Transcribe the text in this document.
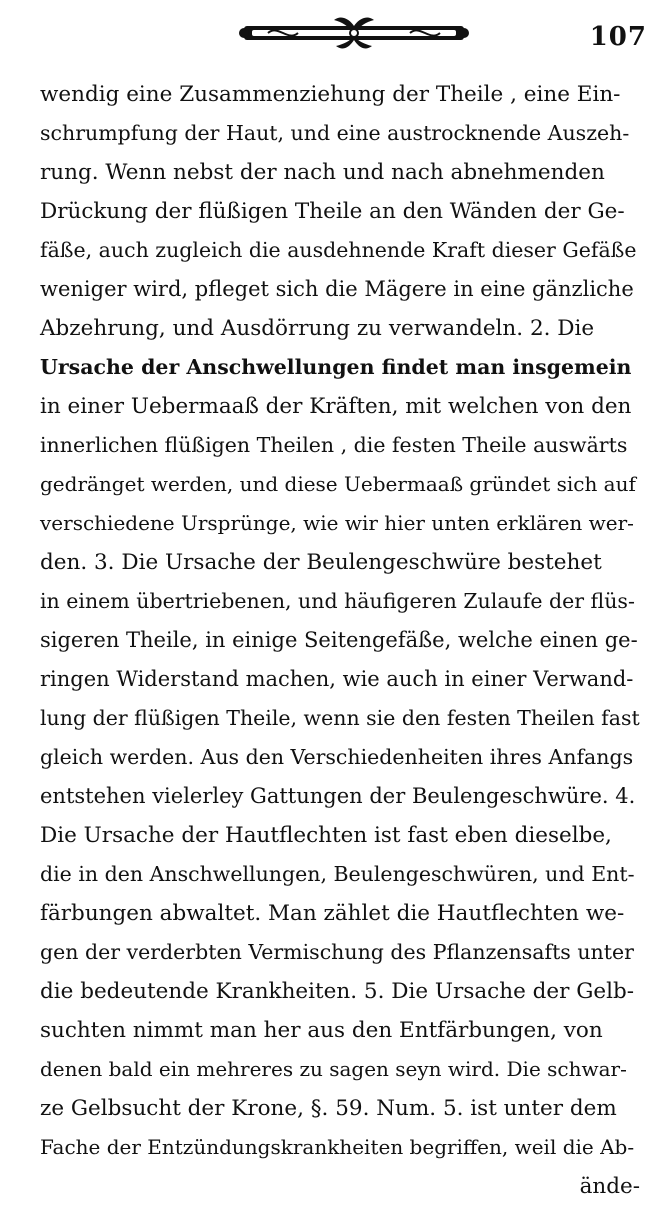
107
wendig eine Zusammenziehung der Theile , eine Ein-
schrumpfung der Haut, und eine austrocknende Auszeh-
rung. Wenn nebst der nach und nach abnehmenden
Drückung der flüßigen Theile an den Wänden der Ge-
fäße, auch zugleich die ausdehnende Kraft dieser Gefäße
weniger wird, pfleget sich die Mägere in eine gänzliche
Abzehrung, und Ausdörrung zu verwandeln. 2. Die
Ursache der Anschwellungen findet man insgemein
in einer Uebermaaß der Kräften, mit welchen von den
innerlichen flüßigen Theilen , die festen Theile auswärts
gedränget werden, und diese Uebermaaß gründet sich auf
verschiedene Ursprünge, wie wir hier unten erklären wer-
den. 3. Die Ursache der Beulengeschwüre bestehet
in einem übertriebenen, und häufigeren Zulaufe der flüs-
sigeren Theile, in einige Seitengefäße, welche einen ge-
ringen Widerstand machen, wie auch in einer Verwand-
lung der flüßigen Theile, wenn sie den festen Theilen fast
gleich werden. Aus den Verschiedenheiten ihres Anfangs
entstehen vielerley Gattungen der Beulengeschwüre. 4.
Die Ursache der Hautflechten ist fast eben dieselbe,
die in den Anschwellungen, Beulengeschwüren, und Ent-
färbungen abwaltet. Man zählet die Hautflechten we-
gen der verderbten Vermischung des Pflanzensafts unter
die bedeutende Krankheiten. 5. Die Ursache der Gelb-
suchten nimmt man her aus den Entfärbungen, von
denen bald ein mehreres zu sagen seyn wird. Die schwar-
ze Gelbsucht der Krone, §. 59. Num. 5. ist unter dem
Fache der Entzündungskrankheiten begriffen, weil die Ab-
ände-
